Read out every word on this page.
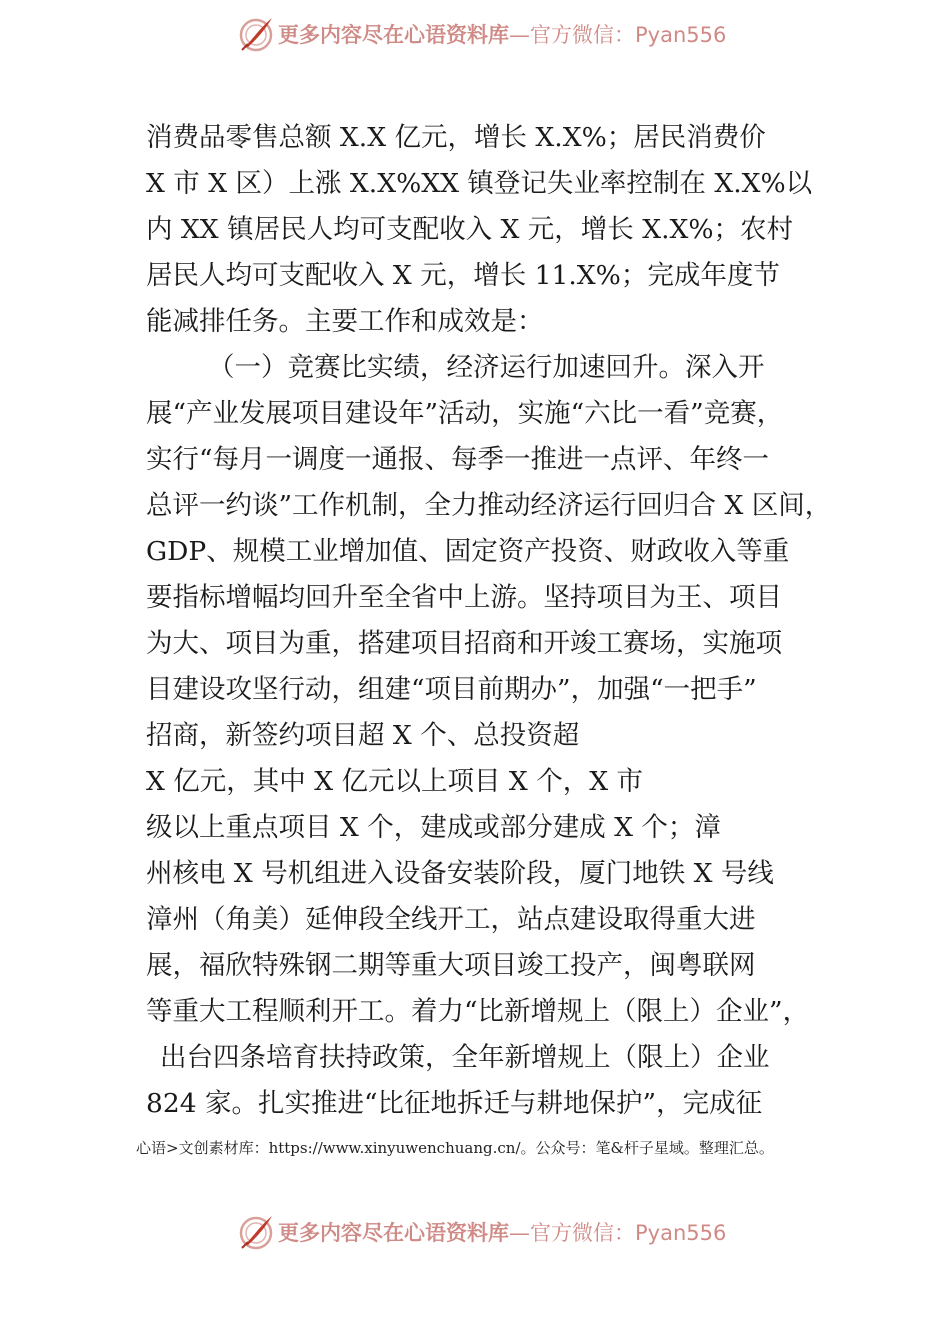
更多内容尽在心语资料库—官方微信：Pyan556
消费品零售总额 X.X 亿元，增长 X.X%；居民消费价
X 市 X 区）上涨 X.X%XX 镇登记失业率控制在 X.X%以
内 XX 镇居民人均可支配收入 X 元，增长 X.X%；农村
居民人均可支配收入 X 元，增长 11.X%；完成年度节
能减排任务。主要工作和成效是：
（一）竞赛比实绩，经济运行加速回升。深入开
展“产业发展项目建设年”活动，实施“六比一看”竞赛，
实行“每月一调度一通报、每季一推进一点评、年终一
总评一约谈”工作机制，全力推动经济运行回归合 X 区间，
GDP、规模工业增加值、固定资产投资、财政收入等重
要指标增幅均回升至全省中上游。坚持项目为王、项目
为大、项目为重，搭建项目招商和开竣工赛场，实施项
目建设攻坚行动，组建“项目前期办”，加强“一把手”
招商，新签约项目超 X 个、总投资超
X 亿元，其中 X 亿元以上项目 X 个，X 市
级以上重点项目 X 个，建成或部分建成 X 个；漳
州核电 X 号机组进入设备安装阶段，厦门地铁 X 号线
漳州（角美）延伸段全线开工，站点建设取得重大进
展，福欣特殊钢二期等重大项目竣工投产，闽粤联网
等重大工程顺利开工。着力“比新增规上（限上）企业”，
出台四条培育扶持政策，全年新增规上（限上）企业
824 家。扎实推进“比征地拆迁与耕地保护”，完成征
心语>文创素材库：https://www.xinyuwenchuang.cn/。公众号：笔&杆子星域。整理汇总。
更多内容尽在心语资料库—官方微信：Pyan556
